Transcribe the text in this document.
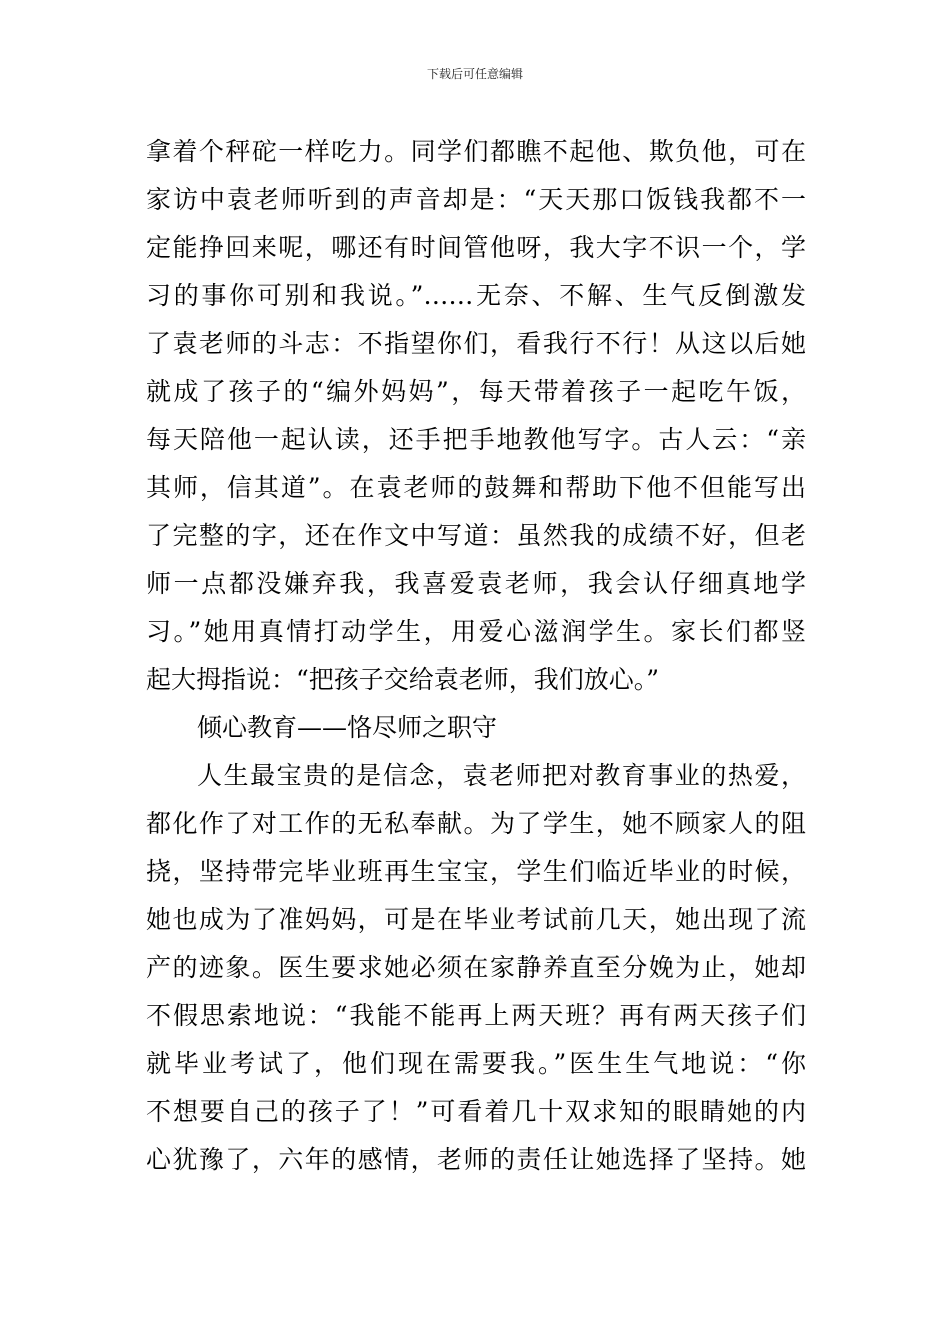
下载后可任意编辑
拿着个秤砣一样吃力。同学们都瞧不起他、欺负他，可在
家访中袁老师听到的声音却是：“天天那口饭钱我都不一
定能挣回来呢，哪还有时间管他呀，我大字不识一个，学
习的事你可别和我说。”……无奈、不解、生气反倒激发
了袁老师的斗志：不指望你们，看我行不行！从这以后她
就成了孩子的“编外妈妈”，每天带着孩子一起吃午饭，
每天陪他一起认读，还手把手地教他写字。古人云：“亲
其师，信其道”。在袁老师的鼓舞和帮助下他不但能写出
了完整的字，还在作文中写道：虽然我的成绩不好，但老
师一点都没嫌弃我，我喜爱袁老师，我会认仔细真地学
习。”她用真情打动学生，用爱心滋润学生。家长们都竖
起大拇指说：“把孩子交给袁老师，我们放心。”
倾心教育——恪尽师之职守
人生最宝贵的是信念，袁老师把对教育事业的热爱，
都化作了对工作的无私奉献。为了学生，她不顾家人的阻
挠，坚持带完毕业班再生宝宝，学生们临近毕业的时候，
她也成为了准妈妈，可是在毕业考试前几天，她出现了流
产的迹象。医生要求她必须在家静养直至分娩为止，她却
不假思索地说：“我能不能再上两天班？再有两天孩子们
就毕业考试了，他们现在需要我。”医生生气地说：“你
不想要自己的孩子了！”可看着几十双求知的眼睛她的内
心犹豫了，六年的感情，老师的责任让她选择了坚持。她
